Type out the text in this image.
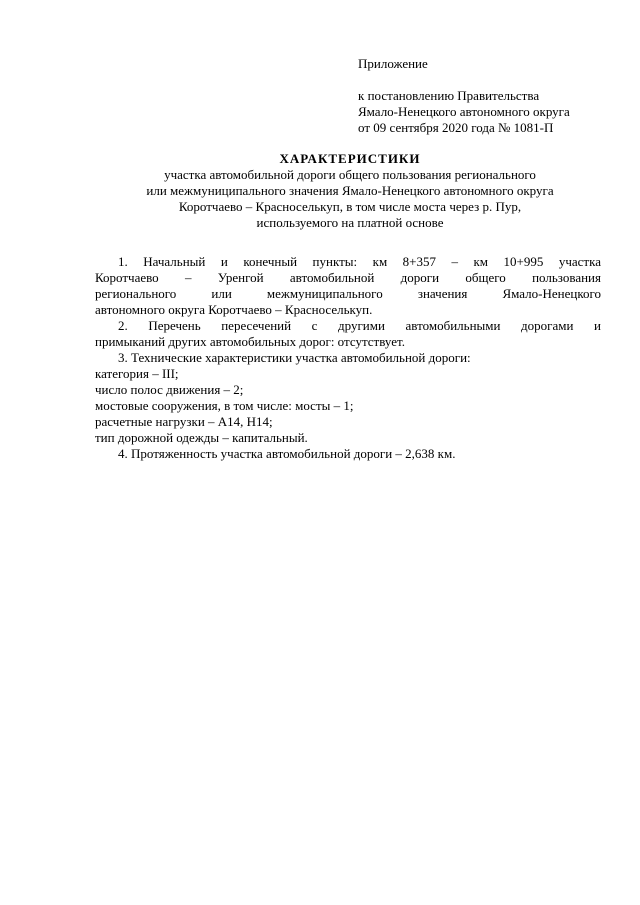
Приложение
к постановлению Правительства
Ямало-Ненецкого автономного округа
от 09 сентября 2020 года № 1081-П
ХАРАКТЕРИСТИКИ
участка автомобильной дороги общего пользования регионального
или межмуниципального значения Ямало-Ненецкого автономного округа
Коротчаево – Красноселькуп, в том числе моста через р. Пур,
используемого на платной основе
1. Начальный и конечный пункты: км 8+357 – км 10+995 участка
Коротчаево – Уренгой автомобильной дороги общего пользования
регионального или межмуниципального значения Ямало-Ненецкого
автономного округа Коротчаево – Красноселькуп.
2. Перечень пересечений с другими автомобильными дорогами и
примыканий других автомобильных дорог: отсутствует.
3. Технические характеристики участка автомобильной дороги:
категория – III;
число полос движения – 2;
мостовые сооружения, в том числе: мосты – 1;
расчетные нагрузки – А14, Н14;
тип дорожной одежды – капитальный.
4. Протяженность участка автомобильной дороги – 2,638 км.
